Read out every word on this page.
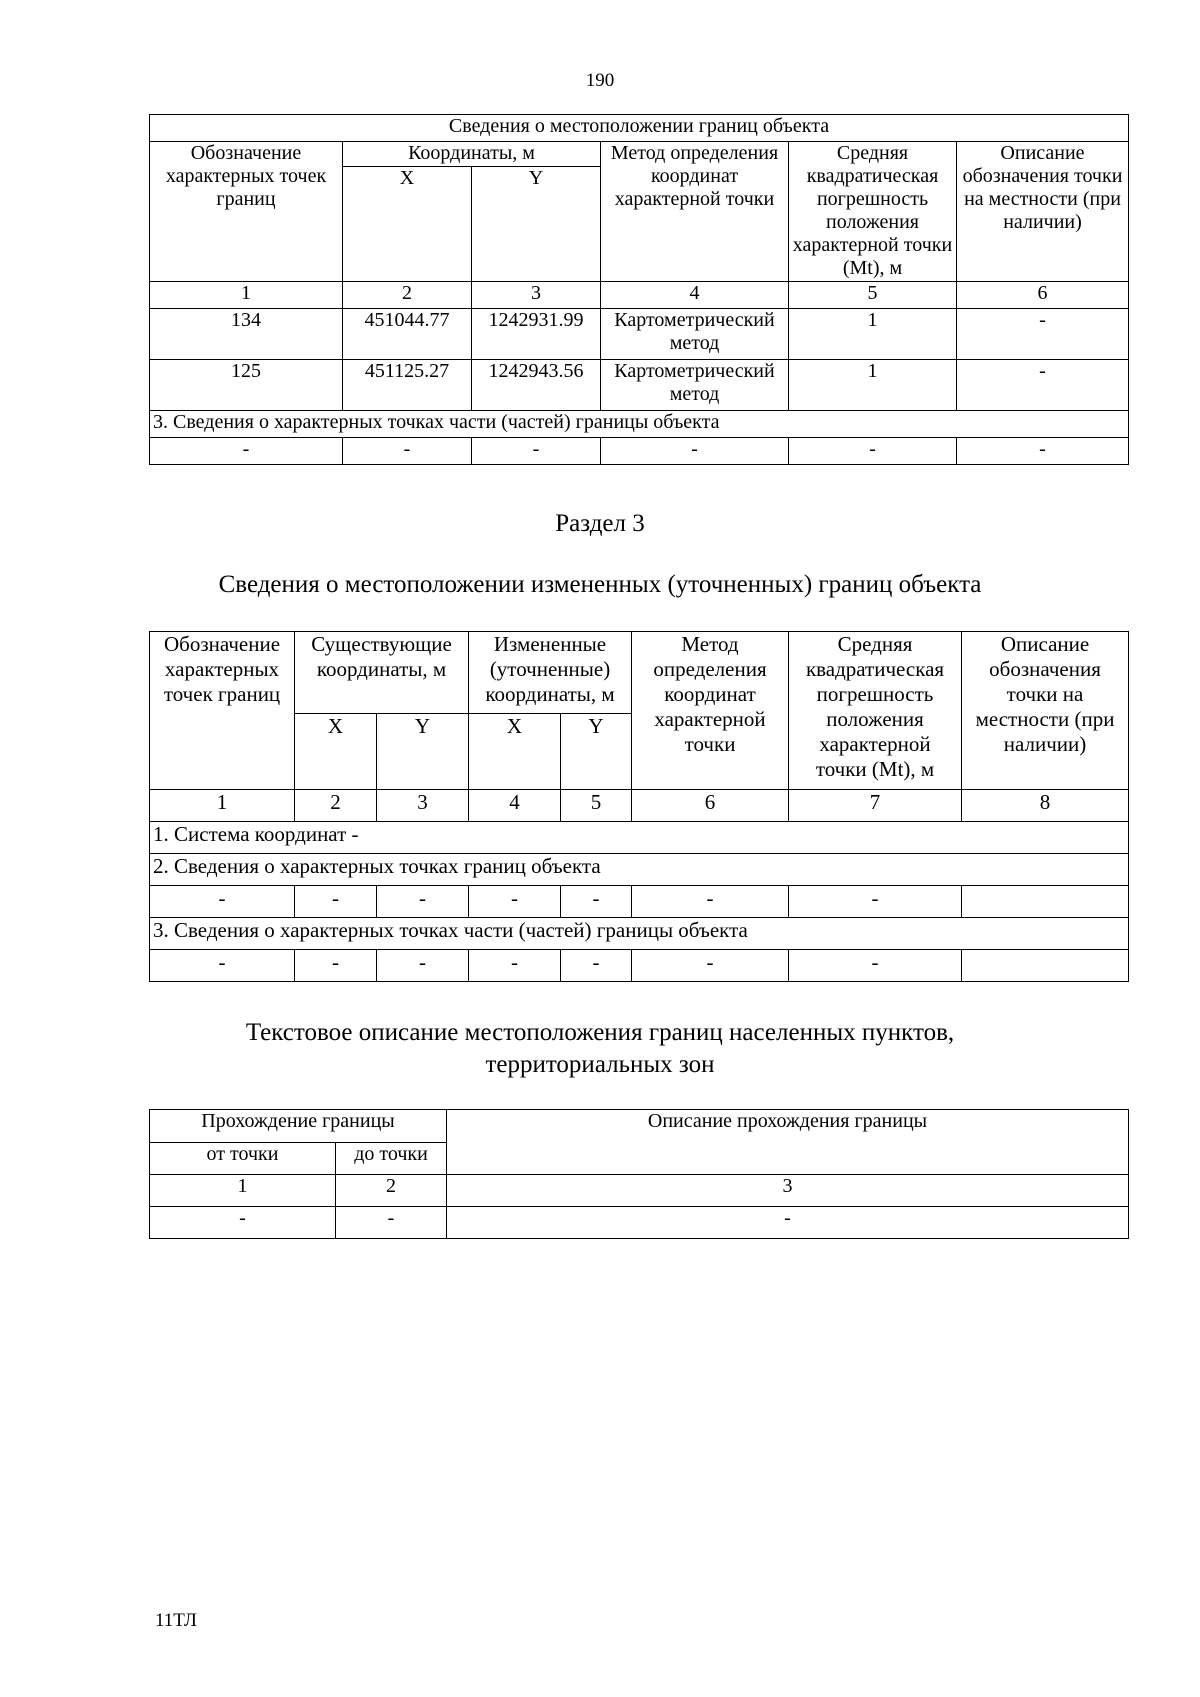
190
Сведения о местоположении границ объекта					
Обозначение характерных точек границ	Координаты, м		Метод определения координат характерной точки	Средняя квадратическая погрешность положения характерной точки (Mt), м	Описание обозначения точки на местности (при наличии)
	X	Y			
1	2	3	4	5	6
134	451044.77	1242931.99	Картометрический метод	1	-
125	451125.27	1242943.56	Картометрический метод	1	-
3. Сведения о характерных точках части (частей) границы объекта					
-	-	-	-	-	-
Раздел 3
Сведения о местоположении измененных (уточненных) границ объекта
Обозначение характерных точек границ	Существующие координаты, м		Измененные (уточненные) координаты, м		Метод определения координат характерной точки	Средняя квадратическая погрешность положения характерной точки (Mt), м	Описание обозначения точки на местности (при наличии)
	X	Y	X	Y			
1	2	3	4	5	6	7	8
1. Система координат -							
2. Сведения о характерных точках границ объекта							
-	-	-	-	-	-	-	
3. Сведения о характерных точках части (частей) границы объекта							
-	-	-	-	-	-	-	
Текстовое описание местоположения границ населенных пунктов,
территориальных зон
Прохождение границы		Описание прохождения границы
от точки	до точки	
1	2	3
-	-	-
11ТЛ
